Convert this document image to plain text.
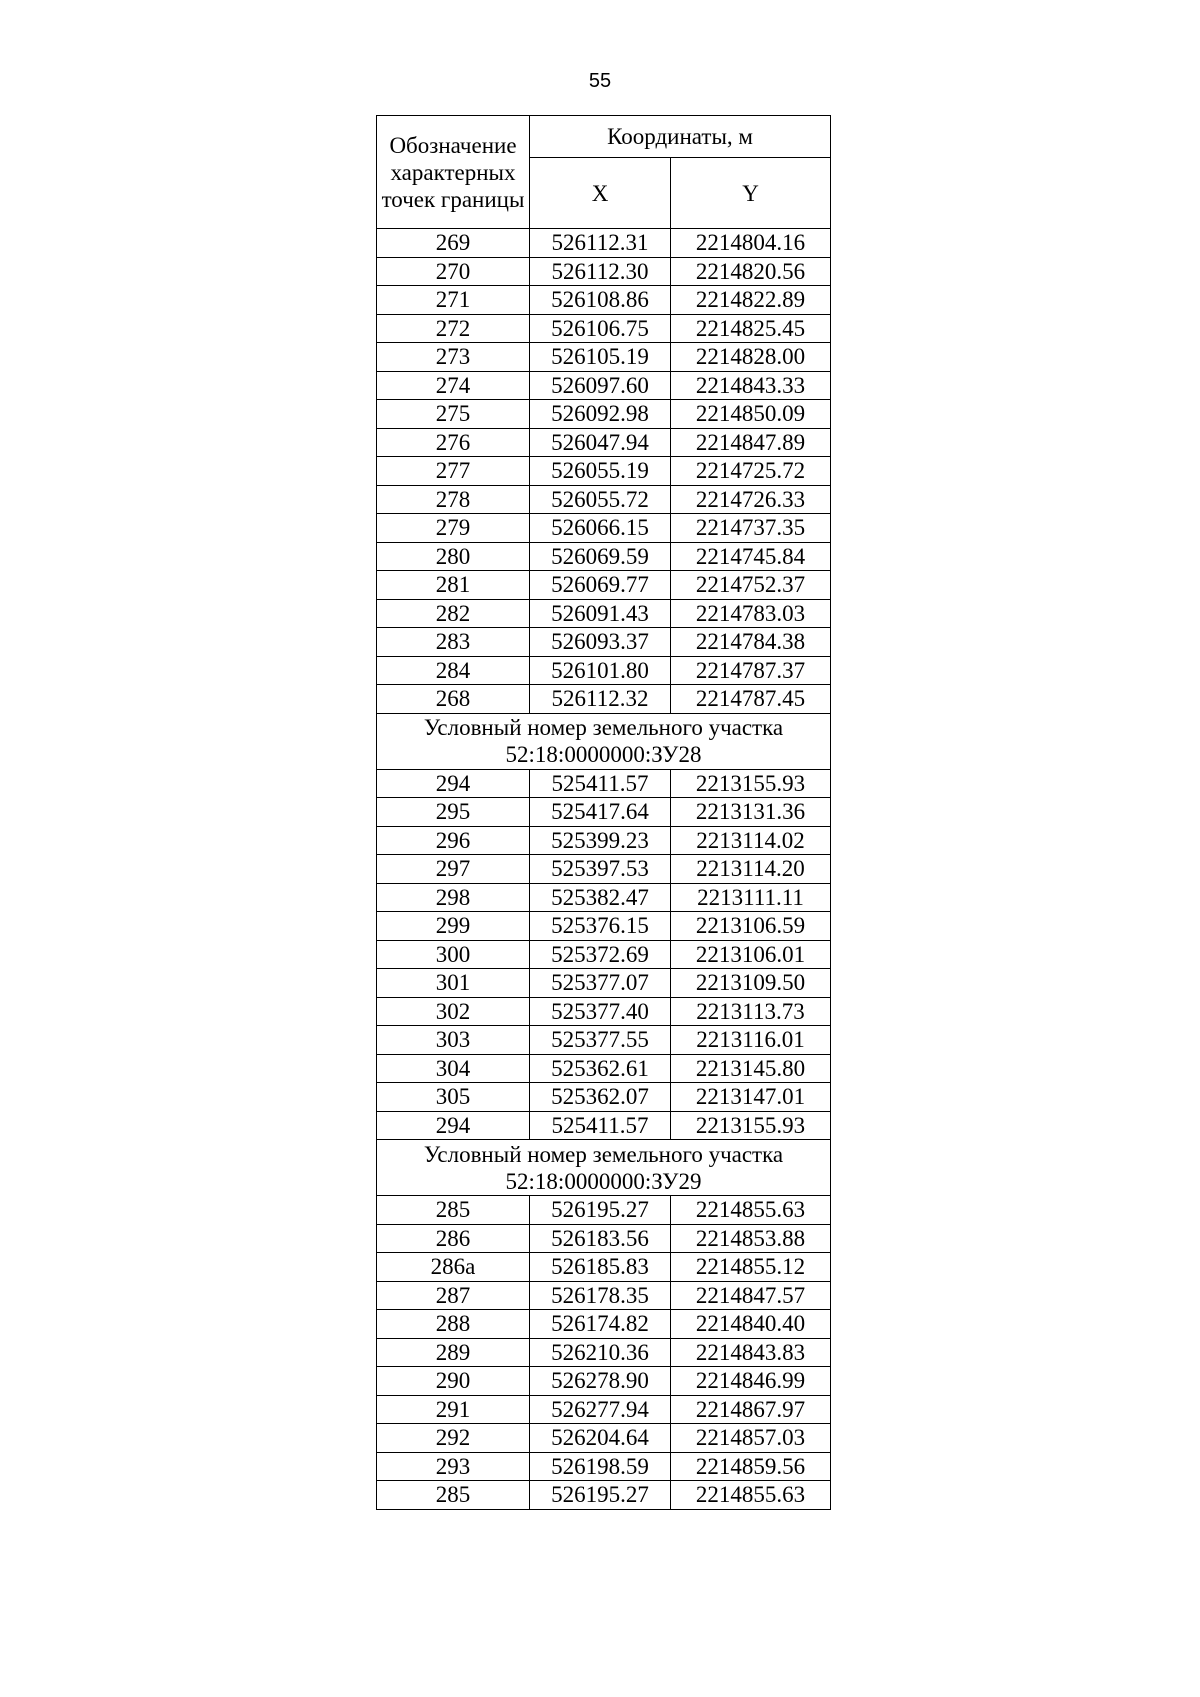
55
Обозначение характерных точек границы	Координаты, м	
	X	Y
269	526112.31	2214804.16
270	526112.30	2214820.56
271	526108.86	2214822.89
272	526106.75	2214825.45
273	526105.19	2214828.00
274	526097.60	2214843.33
275	526092.98	2214850.09
276	526047.94	2214847.89
277	526055.19	2214725.72
278	526055.72	2214726.33
279	526066.15	2214737.35
280	526069.59	2214745.84
281	526069.77	2214752.37
282	526091.43	2214783.03
283	526093.37	2214784.38
284	526101.80	2214787.37
268	526112.32	2214787.45

Условный номер земельного участка
52:18:0000000:ЗУ28		

294	525411.57	2213155.93
295	525417.64	2213131.36
296	525399.23	2213114.02
297	525397.53	2213114.20
298	525382.47	2213111.11
299	525376.15	2213106.59
300	525372.69	2213106.01
301	525377.07	2213109.50
302	525377.40	2213113.73
303	525377.55	2213116.01
304	525362.61	2213145.80
305	525362.07	2213147.01
294	525411.57	2213155.93

Условный номер земельного участка
52:18:0000000:ЗУ29		

285	526195.27	2214855.63
286	526183.56	2214853.88
286а	526185.83	2214855.12
287	526178.35	2214847.57
288	526174.82	2214840.40
289	526210.36	2214843.83
290	526278.90	2214846.99
291	526277.94	2214867.97
292	526204.64	2214857.03
293	526198.59	2214859.56
285	526195.27	2214855.63
